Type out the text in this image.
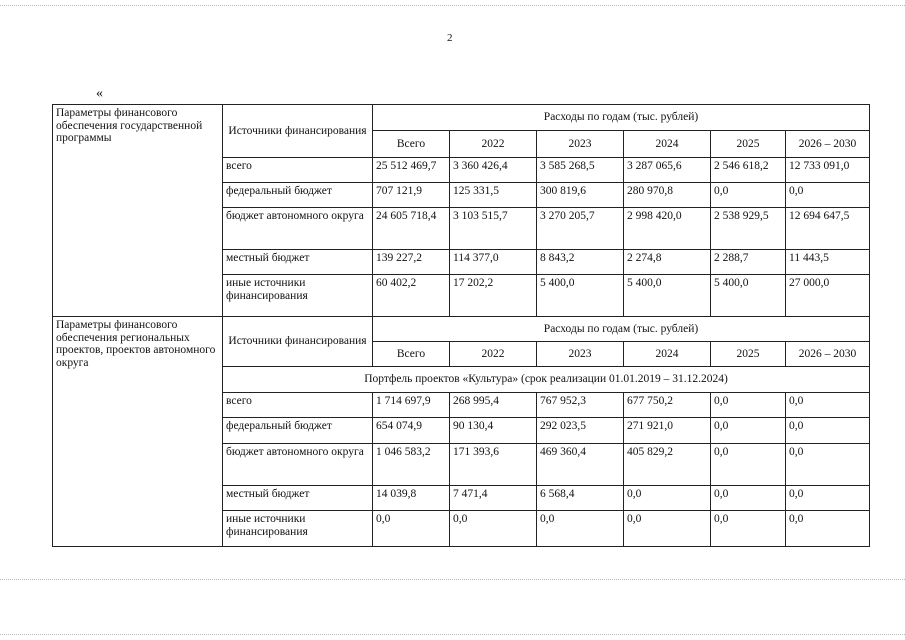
2
«
Параметры финансового обеспечения государственной программы	Источники финансирования	Расходы по годам (тыс. рублей)					
		Всего	2022	2023	2024	2025	2026 – 2030
	всего	25 512 469,7	3 360 426,4	3 585 268,5	3 287 065,6	2 546 618,2	12 733 091,0
	федеральный бюджет	707 121,9	125 331,5	300 819,6	280 970,8	0,0	0,0
	бюджет автономного округа	24 605 718,4	3 103 515,7	3 270 205,7	2 998 420,0	2 538 929,5	12 694 647,5
	местный бюджет	139 227,2	114 377,0	8 843,2	2 274,8	2 288,7	11 443,5
	иные источники финансирования	60 402,2	17 202,2	5 400,0	5 400,0	5 400,0	27 000,0
Параметры финансового обеспечения региональных проектов, проектов автономного округа	Источники финансирования	Расходы по годам (тыс. рублей)					
		Всего	2022	2023	2024	2025	2026 – 2030
	Портфель проектов «Культура» (срок реализации 01.01.2019 – 31.12.2024)						
	всего	1 714 697,9	268 995,4	767 952,3	677 750,2	0,0	0,0
	федеральный бюджет	654 074,9	90 130,4	292 023,5	271 921,0	0,0	0,0
	бюджет автономного округа	1 046 583,2	171 393,6	469 360,4	405 829,2	0,0	0,0
	местный бюджет	14 039,8	7 471,4	6 568,4	0,0	0,0	0,0
	иные источники финансирования	0,0	0,0	0,0	0,0	0,0	0,0
